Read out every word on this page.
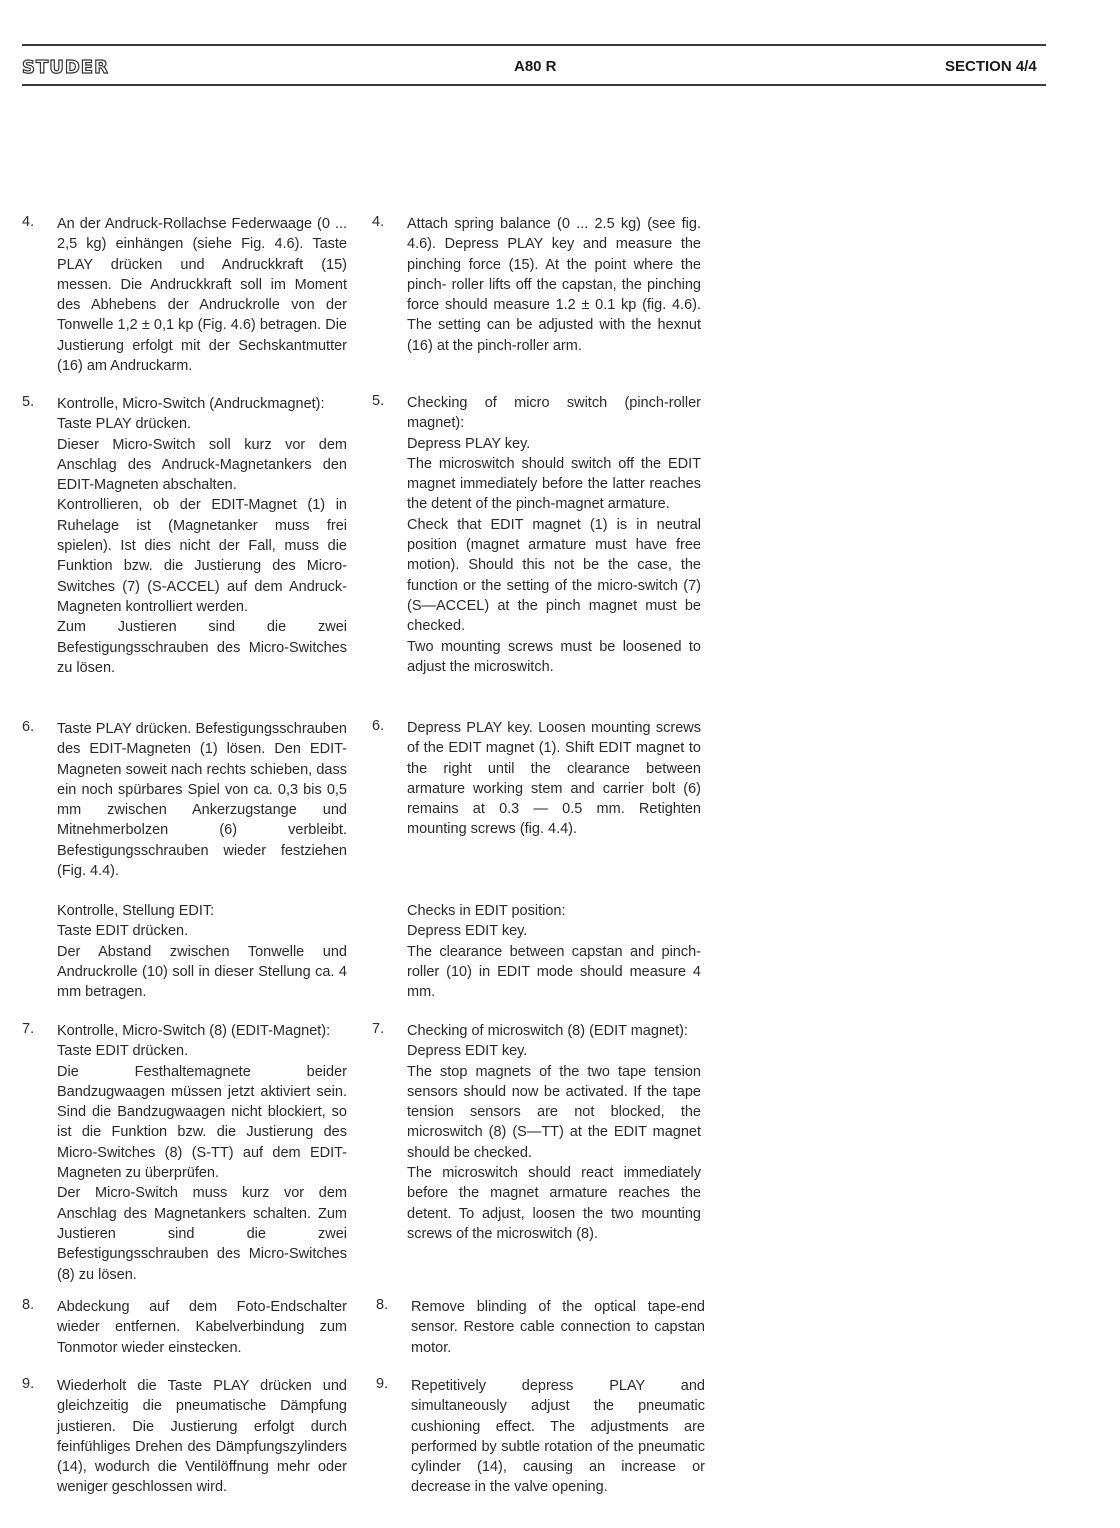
STUDER	A80 R	SECTION 4/4
4. An der Andruck-Rollachse Federwaage (0 ... 2,5 kg) einhängen (siehe Fig. 4.6). Taste PLAY drücken und Andruckkraft (15) messen. Die Andruckkraft soll im Moment des Abhebens der Andruckrolle von der Tonwelle 1,2 ± 0,1 kp (Fig. 4.6) betragen. Die Justierung erfolgt mit der Sechskantmutter (16) am Andruckarm.

5. Kontrolle, Micro-Switch (Andruckmagnet):

Taste PLAY drücken.

Dieser Micro-Switch soll kurz vor dem Anschlag des Andruck-Magnetankers den EDIT-Magneten abschalten.

Kontrollieren, ob der EDIT-Magnet (1) in Ruhelage ist (Magnetanker muss frei spielen). Ist dies nicht der Fall, muss die Funktion bzw. die Justierung des Micro-Switches (7) (S-ACCEL) auf dem Andruck-Magneten kontrolliert werden.

Zum Justieren sind die zwei Befestigungsschrauben des Micro-Switches zu lösen.

6. Taste PLAY drücken. Befestigungsschrauben des EDIT-Magneten (1) lösen. Den EDIT-Magneten soweit nach rechts schieben, dass ein noch spürbares Spiel von ca. 0,3 bis 0,5 mm zwischen Ankerzugstange und Mitnehmerbolzen (6) verbleibt. Befestigungsschrauben wieder festziehen (Fig. 4.4).

Kontrolle, Stellung EDIT:

Taste EDIT drücken.

Der Abstand zwischen Tonwelle und Andruckrolle (10) soll in dieser Stellung ca. 4 mm betragen.

7. Kontrolle, Micro-Switch (8) (EDIT-Magnet):

Taste EDIT drücken.

Die Festhaltemagnete beider Bandzugwaagen müssen jetzt aktiviert sein. Sind die Bandzugwaagen nicht blockiert, so ist die Funktion bzw. die Justierung des Micro-Switches (8) (S-TT) auf dem EDIT-Magneten zu überprüfen.

Der Micro-Switch muss kurz vor dem Anschlag des Magnetankers schalten. Zum Justieren sind die zwei Befestigungsschrauben des Micro-Switches (8) zu lösen.

8. Abdeckung auf dem Foto-Endschalter wieder entfernen. Kabelverbindung zum Tonmotor wieder einstecken.

9. Wiederholt die Taste PLAY drücken und gleichzeitig die pneumatische Dämpfung justieren. Die Justierung erfolgt durch feinfühliges Drehen des Dämpfungszylinders (14), wodurch die Ventilöffnung mehr oder weniger geschlossen wird.

4. Attach spring balance (0 ... 2.5 kg) (see fig. 4.6). Depress PLAY key and measure the pinching force (15). At the point where the pinch- roller lifts off the capstan, the pinching force should measure 1.2 ± 0.1 kp (fig. 4.6). The setting can be adjusted with the hexnut (16) at the pinch-roller arm.

5. Checking of micro switch (pinch-roller magnet):

Depress PLAY key.

The microswitch should switch off the EDIT magnet immediately before the latter reaches the detent of the pinch-magnet armature.

Check that EDIT magnet (1) is in neutral position (magnet armature must have free motion). Should this not be the case, the function or the setting of the micro-switch (7) (S—ACCEL) at the pinch magnet must be checked.

Two mounting screws must be loosened to adjust the microswitch.

6. Depress PLAY key. Loosen mounting screws of the EDIT magnet (1). Shift EDIT magnet to the right until the clearance between armature working stem and carrier bolt (6) remains at 0.3 — 0.5 mm. Retighten mounting screws (fig. 4.4).

Checks in EDIT position:

Depress EDIT key.

The clearance between capstan and pinch-roller (10) in EDIT mode should measure 4 mm.

7. Checking of microswitch (8) (EDIT magnet):

Depress EDIT key.

The stop magnets of the two tape tension sensors should now be activated. If the tape tension sensors are not blocked, the microswitch (8) (S—TT) at the EDIT magnet should be checked.

The microswitch should react immediately before the magnet armature reaches the detent. To adjust, loosen the two mounting screws of the microswitch (8).

8. Remove blinding of the optical tape-end sensor. Restore cable connection to capstan motor.

9. Repetitively depress PLAY and simultaneously adjust the pneumatic cushioning effect. The adjustments are performed by subtle rotation of the pneumatic cylinder (14), causing an increase or decrease in the valve opening.
